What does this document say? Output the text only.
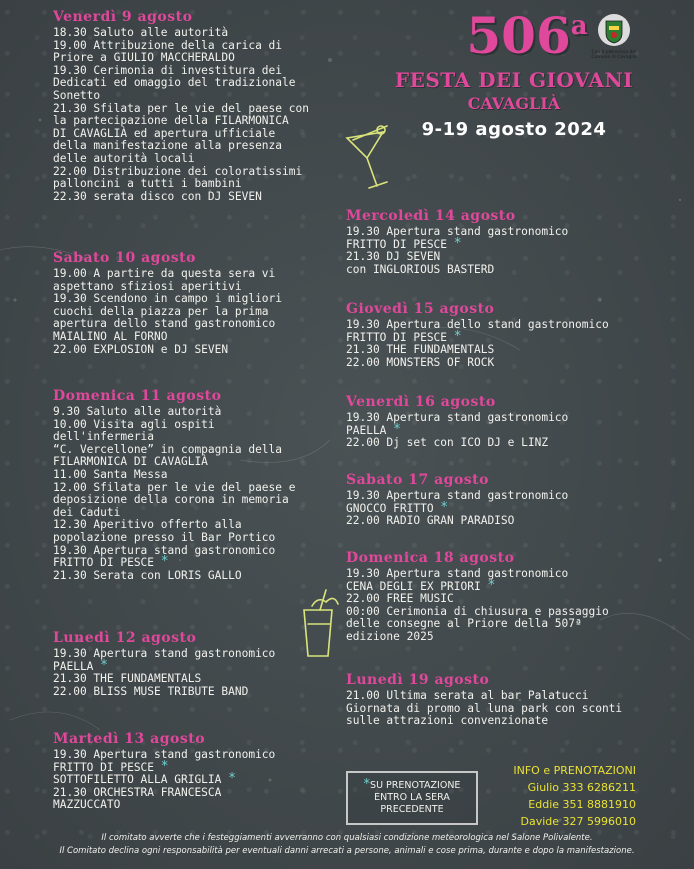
506$^a$
FESTA DEI GIOVANI
CAVAGLIÀ
9-19 agosto 2024
Con il patrocinio del Comune di Cavaglià

Venerdì 9 agosto

18.30 Saluto alle autorità

19.00 Attribuzione della carica di

Priore a GIULIO MACCHERALDO

19.30 Cerimonia di investitura dei

Dedicati ed omaggio del tradizionale

Sonetto

21.30 Sfilata per le vie del paese con

la partecipazione della FILARMONICA

DI CAVAGLIÀ ed apertura ufficiale

della manifestazione alla presenza

delle autorità locali

22.00 Distribuzione dei coloratissimi

palloncini a tutti i bambini

22.30 serata disco con DJ SEVEN

Sabato 10 agosto

19.00 A partire da questa sera vi

aspettano sfiziosi aperitivi

19.30 Scendono in campo i migliori

cuochi della piazza per la prima

apertura dello stand gastronomico

MAIALINO AL FORNO

22.00 EXPLOSION e DJ SEVEN

Domenica 11 agosto

9.30 Saluto alle autorità

10.00 Visita agli ospiti

dell'infermeria

“C. Vercellone” in compagnia della

FILARMONICA DI CAVAGLIÀ

11.00 Santa Messa

12.00 Sfilata per le vie del paese e

deposizione della corona in memoria

dei Caduti

12.30 Aperitivo offerto alla

popolazione presso il Bar Portico

19.30 Apertura stand gastronomico

FRITTO DI PESCE *

21.30 Serata con LORIS GALLO

Lunedì 12 agosto

19.30 Apertura stand gastronomico

PAELLA *

21.30 THE FUNDAMENTALS

22.00 BLISS MUSE TRIBUTE BAND

Martedì 13 agosto

19.30 Apertura stand gastronomico

FRITTO DI PESCE *

SOTTOFILETTO ALLA GRIGLIA *

21.30 ORCHESTRA FRANCESCA

MAZZUCCATO

Mercoledì 14 agosto

19.30 Apertura stand gastronomico

FRITTO DI PESCE *

21.30 DJ SEVEN

con INGLORIOUS BASTERD

Giovedì 15 agosto

19.30 Apertura dello stand gastronomico

FRITTO DI PESCE *

21.30 THE FUNDAMENTALS

22.00 MONSTERS OF ROCK

Venerdì 16 agosto

19.30 Apertura stand gastronomico

PAELLA *

22.00 Dj set con ICO DJ e LINZ

Sabato 17 agosto

19.30 Apertura stand gastronomico

GNOCCO FRITTO *

22.00 RADIO GRAN PARADISO

Domenica 18 agosto

19.30 Apertura stand gastronomico

CENA DEGLI EX PRIORI *

22.00 FREE MUSIC

00:00 Cerimonia di chiusura e passaggio

delle consegne al Priore della 507ª

edizione 2025

Lunedì 19 agosto

21.00 Ultima serata al bar Palatucci

Giornata di promo al luna park con sconti

sulle attrazioni convenzionate

*SU PRENOTAZIONE
ENTRO LA SERA
PRECEDENTE
INFO e PRENOTAZIONI
Giulio 333 6286211
Eddie 351 8881910
Davide 327 5996010
Il comitato avverte che i festeggiamenti avverranno con qualsiasi condizione meteorologica nel Salone Polivalente.
Il Comitato declina ogni responsabilità per eventuali danni arrecati a persone, animali e cose prima, durante e dopo la manifestazione.
